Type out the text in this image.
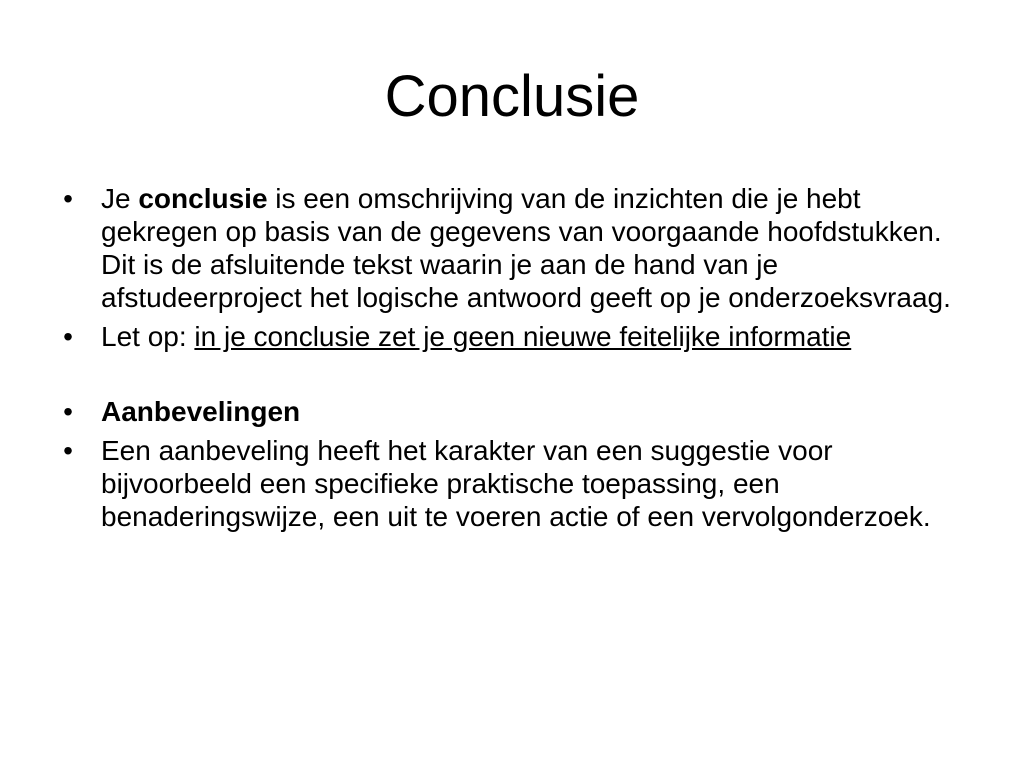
Conclusie
• Je conclusie is een omschrijving van de inzichten die je hebt gekregen op basis van de gegevens van voorgaande hoofdstukken. Dit is de afsluitende tekst waarin je aan de hand van je afstudeerproject het logische antwoord geeft op je onderzoeksvraag.
• Let op: in je conclusie zet je geen nieuwe feitelijke informatie
• Aanbevelingen
• Een aanbeveling heeft het karakter van een suggestie voor bijvoorbeeld een specifieke praktische toepassing, een benaderingswijze, een uit te voeren actie of een vervolgonderzoek.
